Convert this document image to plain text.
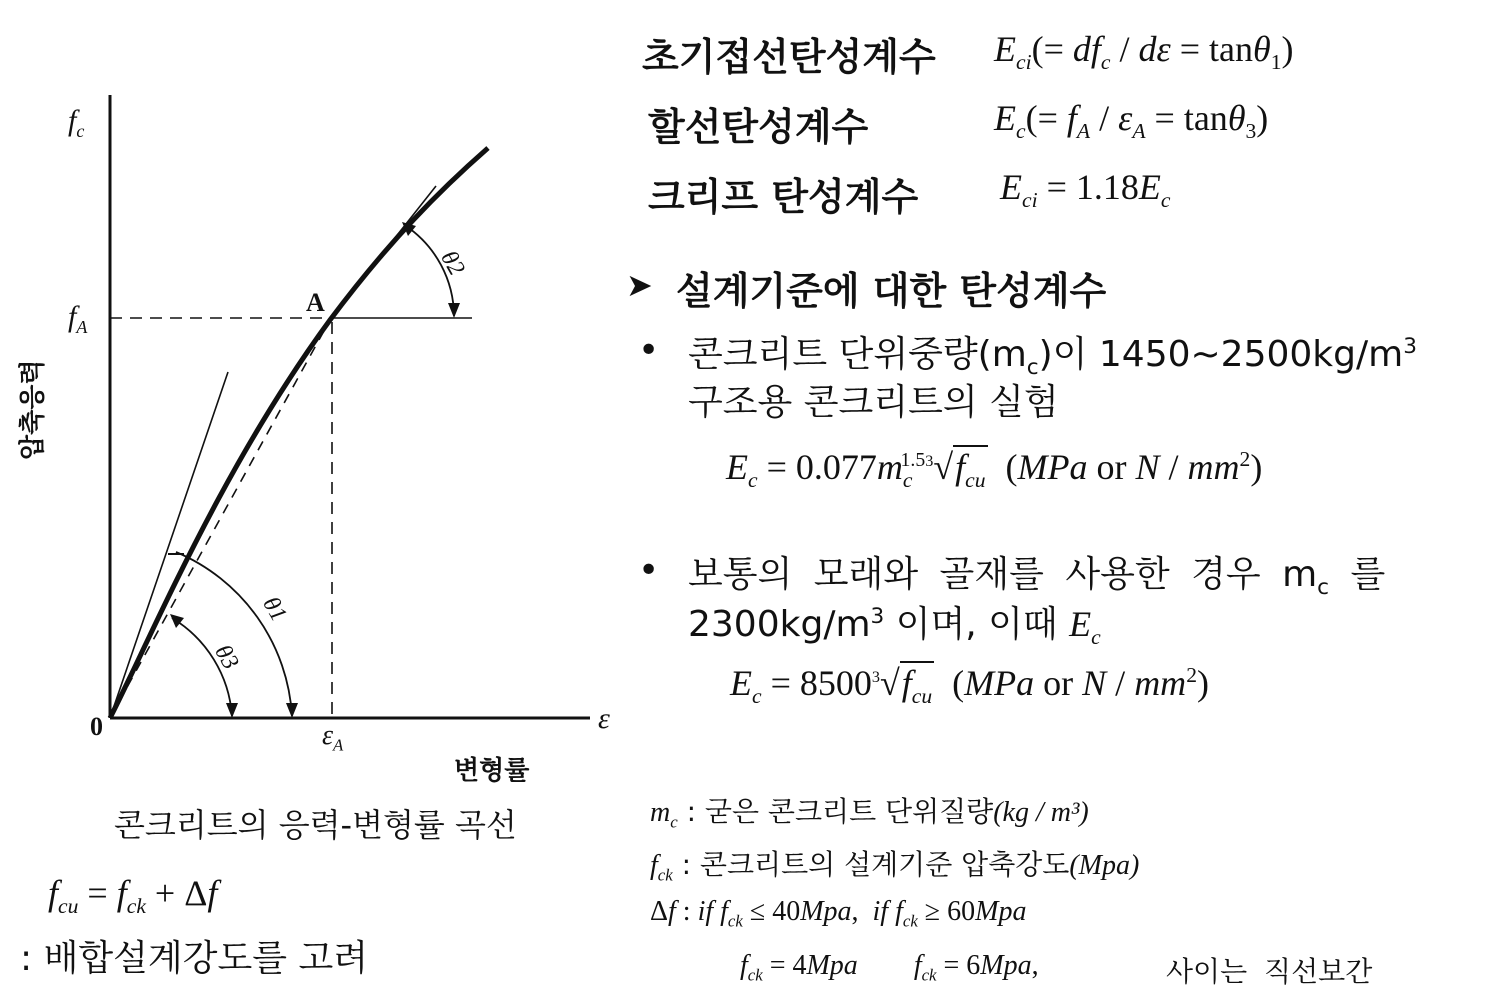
초기접선탄성계수 $E_{ci}(= df_c / d\varepsilon = \tan\theta_1)$
할선탄성계수	$E_c(= f_A / \varepsilon_A = \tan\theta_3)$
크리프 탄성계수 $E_{ci} = 1.18E_c$
➤ 설계기준에 대한 탄성계수
• 콘크리트 단위중량$(m_c)$이 $1450\sim 2500kg/m^3$
구조용 콘크리트의 실험
$E_c = 0.077m_c^{1.53}√f_{cu}$  (MPa or N / $mm^2$)
• 보통의 모래와 골재를 사용한 경우 $m_c$ 를
$2300kg/m^3$ 이며, 이때 $E_c$
$E_c = 8500^3√f_{cu}$  (MPa or N / $mm^2$)
$m_c$ : 굳은 콘크리트 단위질량(kg / m³)
$f_{ck}$ : 콘크리트의 설계기준 압축강도(Mpa)
Δf : if $f_{ck} \le 40Mpa$,  if $f_{ck} \ge 60Mpa$
$f_{ck} = 4Mpa$ $f_{ck} = 6Mpa$,	사이는 직선보간
$f_c$
$f_A$
A
0	ε
$\varepsilon_A$
θ1
θ3
θ2
압축응력
변형률
콘크리트의 응력-변형률 곡선
$f_{cu} = f_{ck} + \Delta f$
: 배합설계강도를 고려
